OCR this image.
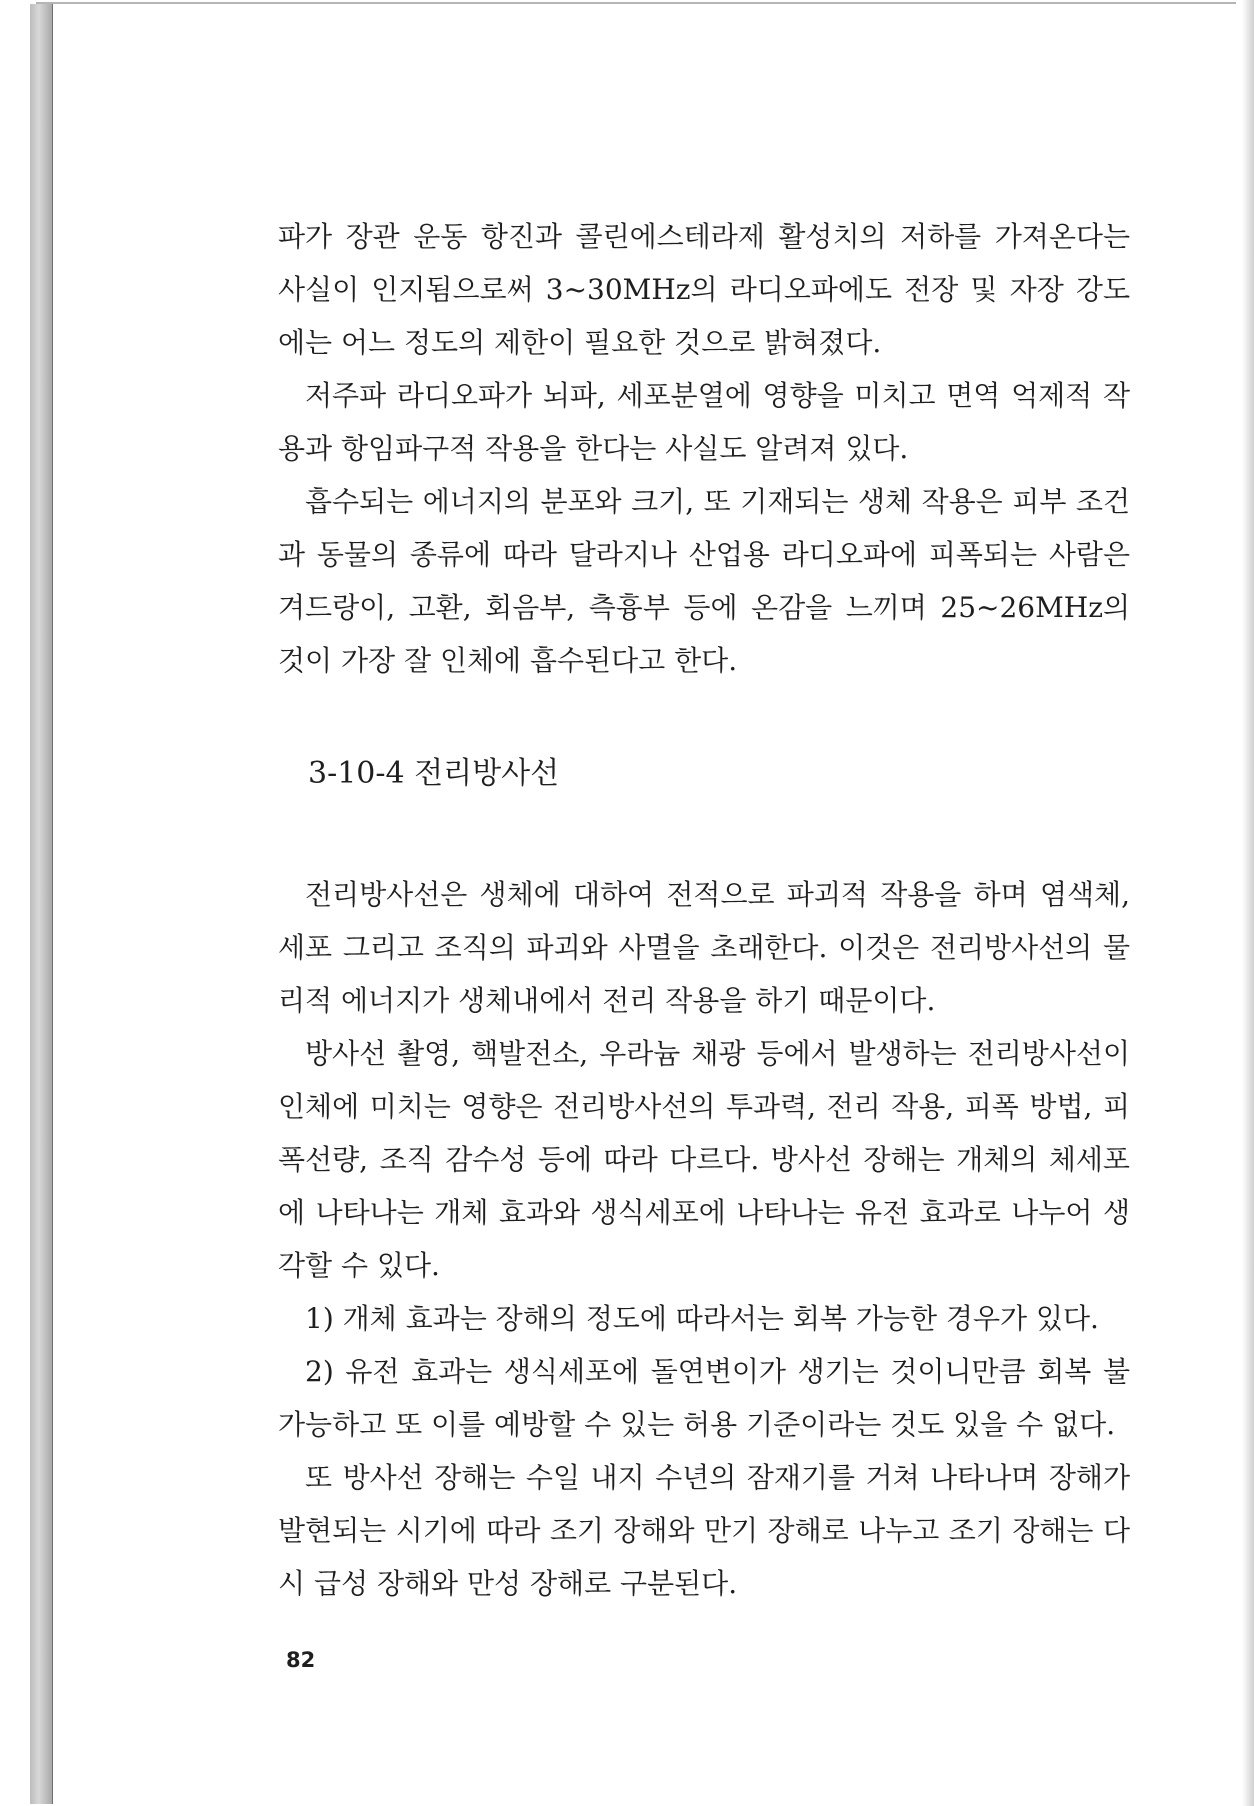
파가 장관 운동 항진과 콜린에스테라제 활성치의 저하를 가져온다는 사실이 인지됨으로써 3~30MHz의 라디오파에도 전장 및 자장 강도에는 어느 정도의 제한이 필요한 것으로 밝혀졌다.

저주파 라디오파가 뇌파, 세포분열에 영향을 미치고 면역 억제적 작용과 항임파구적 작용을 한다는 사실도 알려져 있다.

흡수되는 에너지의 분포와 크기, 또 기재되는 생체 작용은 피부 조건과 동물의 종류에 따라 달라지나 산업용 라디오파에 피폭되는 사람은 겨드랑이, 고환, 회음부, 측흉부 등에 온감을 느끼며 25~26MHz의 것이 가장 잘 인체에 흡수된다고 한다.

3-10-4 전리방사선

전리방사선은 생체에 대하여 전적으로 파괴적 작용을 하며 염색체, 세포 그리고 조직의 파괴와 사멸을 초래한다. 이것은 전리방사선의 물리적 에너지가 생체내에서 전리 작용을 하기 때문이다.

방사선 촬영, 핵발전소, 우라늄 채광 등에서 발생하는 전리방사선이 인체에 미치는 영향은 전리방사선의 투과력, 전리 작용, 피폭 방법, 피폭선량, 조직 감수성 등에 따라 다르다. 방사선 장해는 개체의 체세포에 나타나는 개체 효과와 생식세포에 나타나는 유전 효과로 나누어 생각할 수 있다.

1) 개체 효과는 장해의 정도에 따라서는 회복 가능한 경우가 있다.

2) 유전 효과는 생식세포에 돌연변이가 생기는 것이니만큼 회복 불가능하고 또 이를 예방할 수 있는 허용 기준이라는 것도 있을 수 없다.

또 방사선 장해는 수일 내지 수년의 잠재기를 거쳐 나타나며 장해가 발현되는 시기에 따라 조기 장해와 만기 장해로 나누고 조기 장해는 다시 급성 장해와 만성 장해로 구분된다.

82
